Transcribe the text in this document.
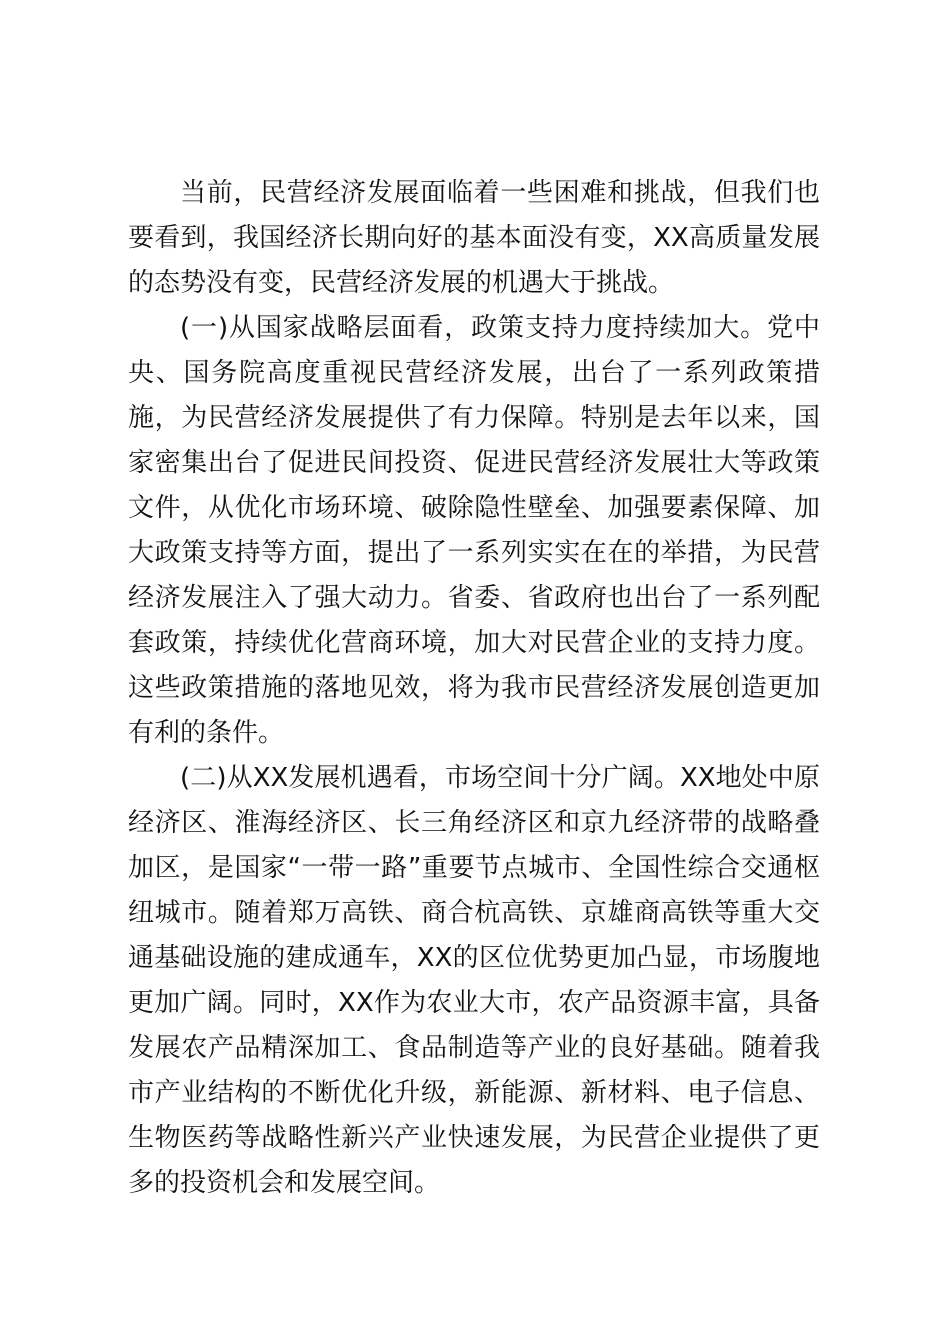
当前，民营经济发展面临着一些困难和挑战，但我们也要看到，我国经济长期向好的基本面没有变，XX高质量发展的态势没有变，民营经济发展的机遇大于挑战。

(一)从国家战略层面看，政策支持力度持续加大。党中央、国务院高度重视民营经济发展，出台了一系列政策措施，为民营经济发展提供了有力保障。特别是去年以来，国家密集出台了促进民间投资、促进民营经济发展壮大等政策文件，从优化市场环境、破除隐性壁垒、加强要素保障、加大政策支持等方面，提出了一系列实实在在的举措，为民营经济发展注入了强大动力。省委、省政府也出台了一系列配套政策，持续优化营商环境，加大对民营企业的支持力度。这些政策措施的落地见效，将为我市民营经济发展创造更加有利的条件。

(二)从XX发展机遇看，市场空间十分广阔。XX地处中原经济区、淮海经济区、长三角经济区和京九经济带的战略叠加区，是国家“一带一路”重要节点城市、全国性综合交通枢纽城市。随着郑万高铁、商合杭高铁、京雄商高铁等重大交通基础设施的建成通车，XX的区位优势更加凸显，市场腹地更加广阔。同时，XX作为农业大市，农产品资源丰富，具备发展农产品精深加工、食品制造等产业的良好基础。随着我市产业结构的不断优化升级，新能源、新材料、电子信息、生物医药等战略性新兴产业快速发展，为民营企业提供了更多的投资机会和发展空间。
